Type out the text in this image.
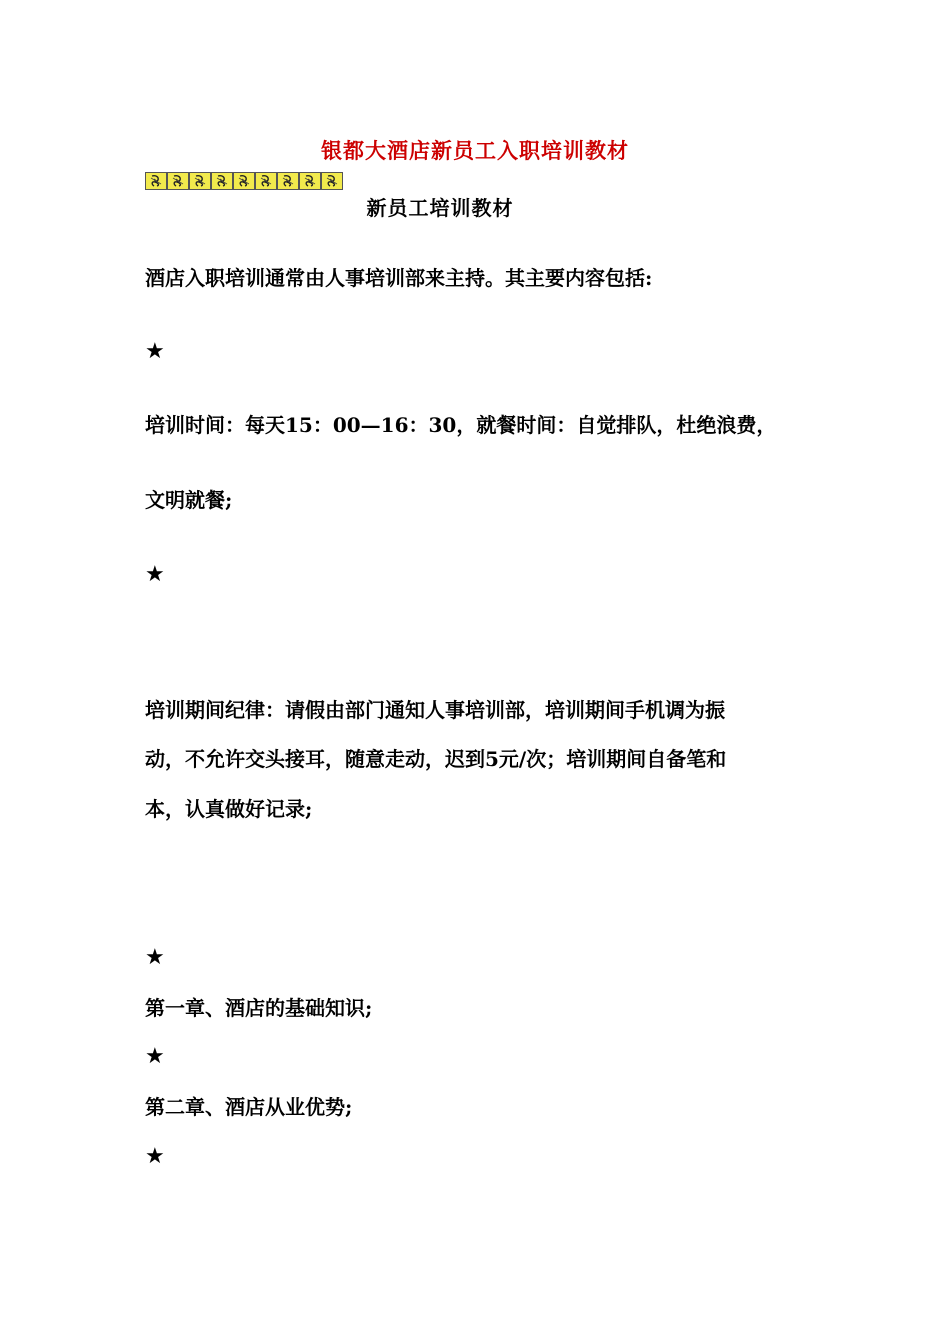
银都大酒店新员工入职培训教材
新员工培训教材
酒店入职培训通常由人事培训部来主持。其主要内容包括:
★
培训时间：每天15：00—16：30，就餐时间：自觉排队，杜绝浪费，
文明就餐;
★
培训期间纪律：请假由部门通知人事培训部，培训期间手机调为振
动，不允许交头接耳，随意走动，迟到5元/次；培训期间自备笔和
本，认真做好记录;
★
第一章、酒店的基础知识;
★
第二章、酒店从业优势;
★
